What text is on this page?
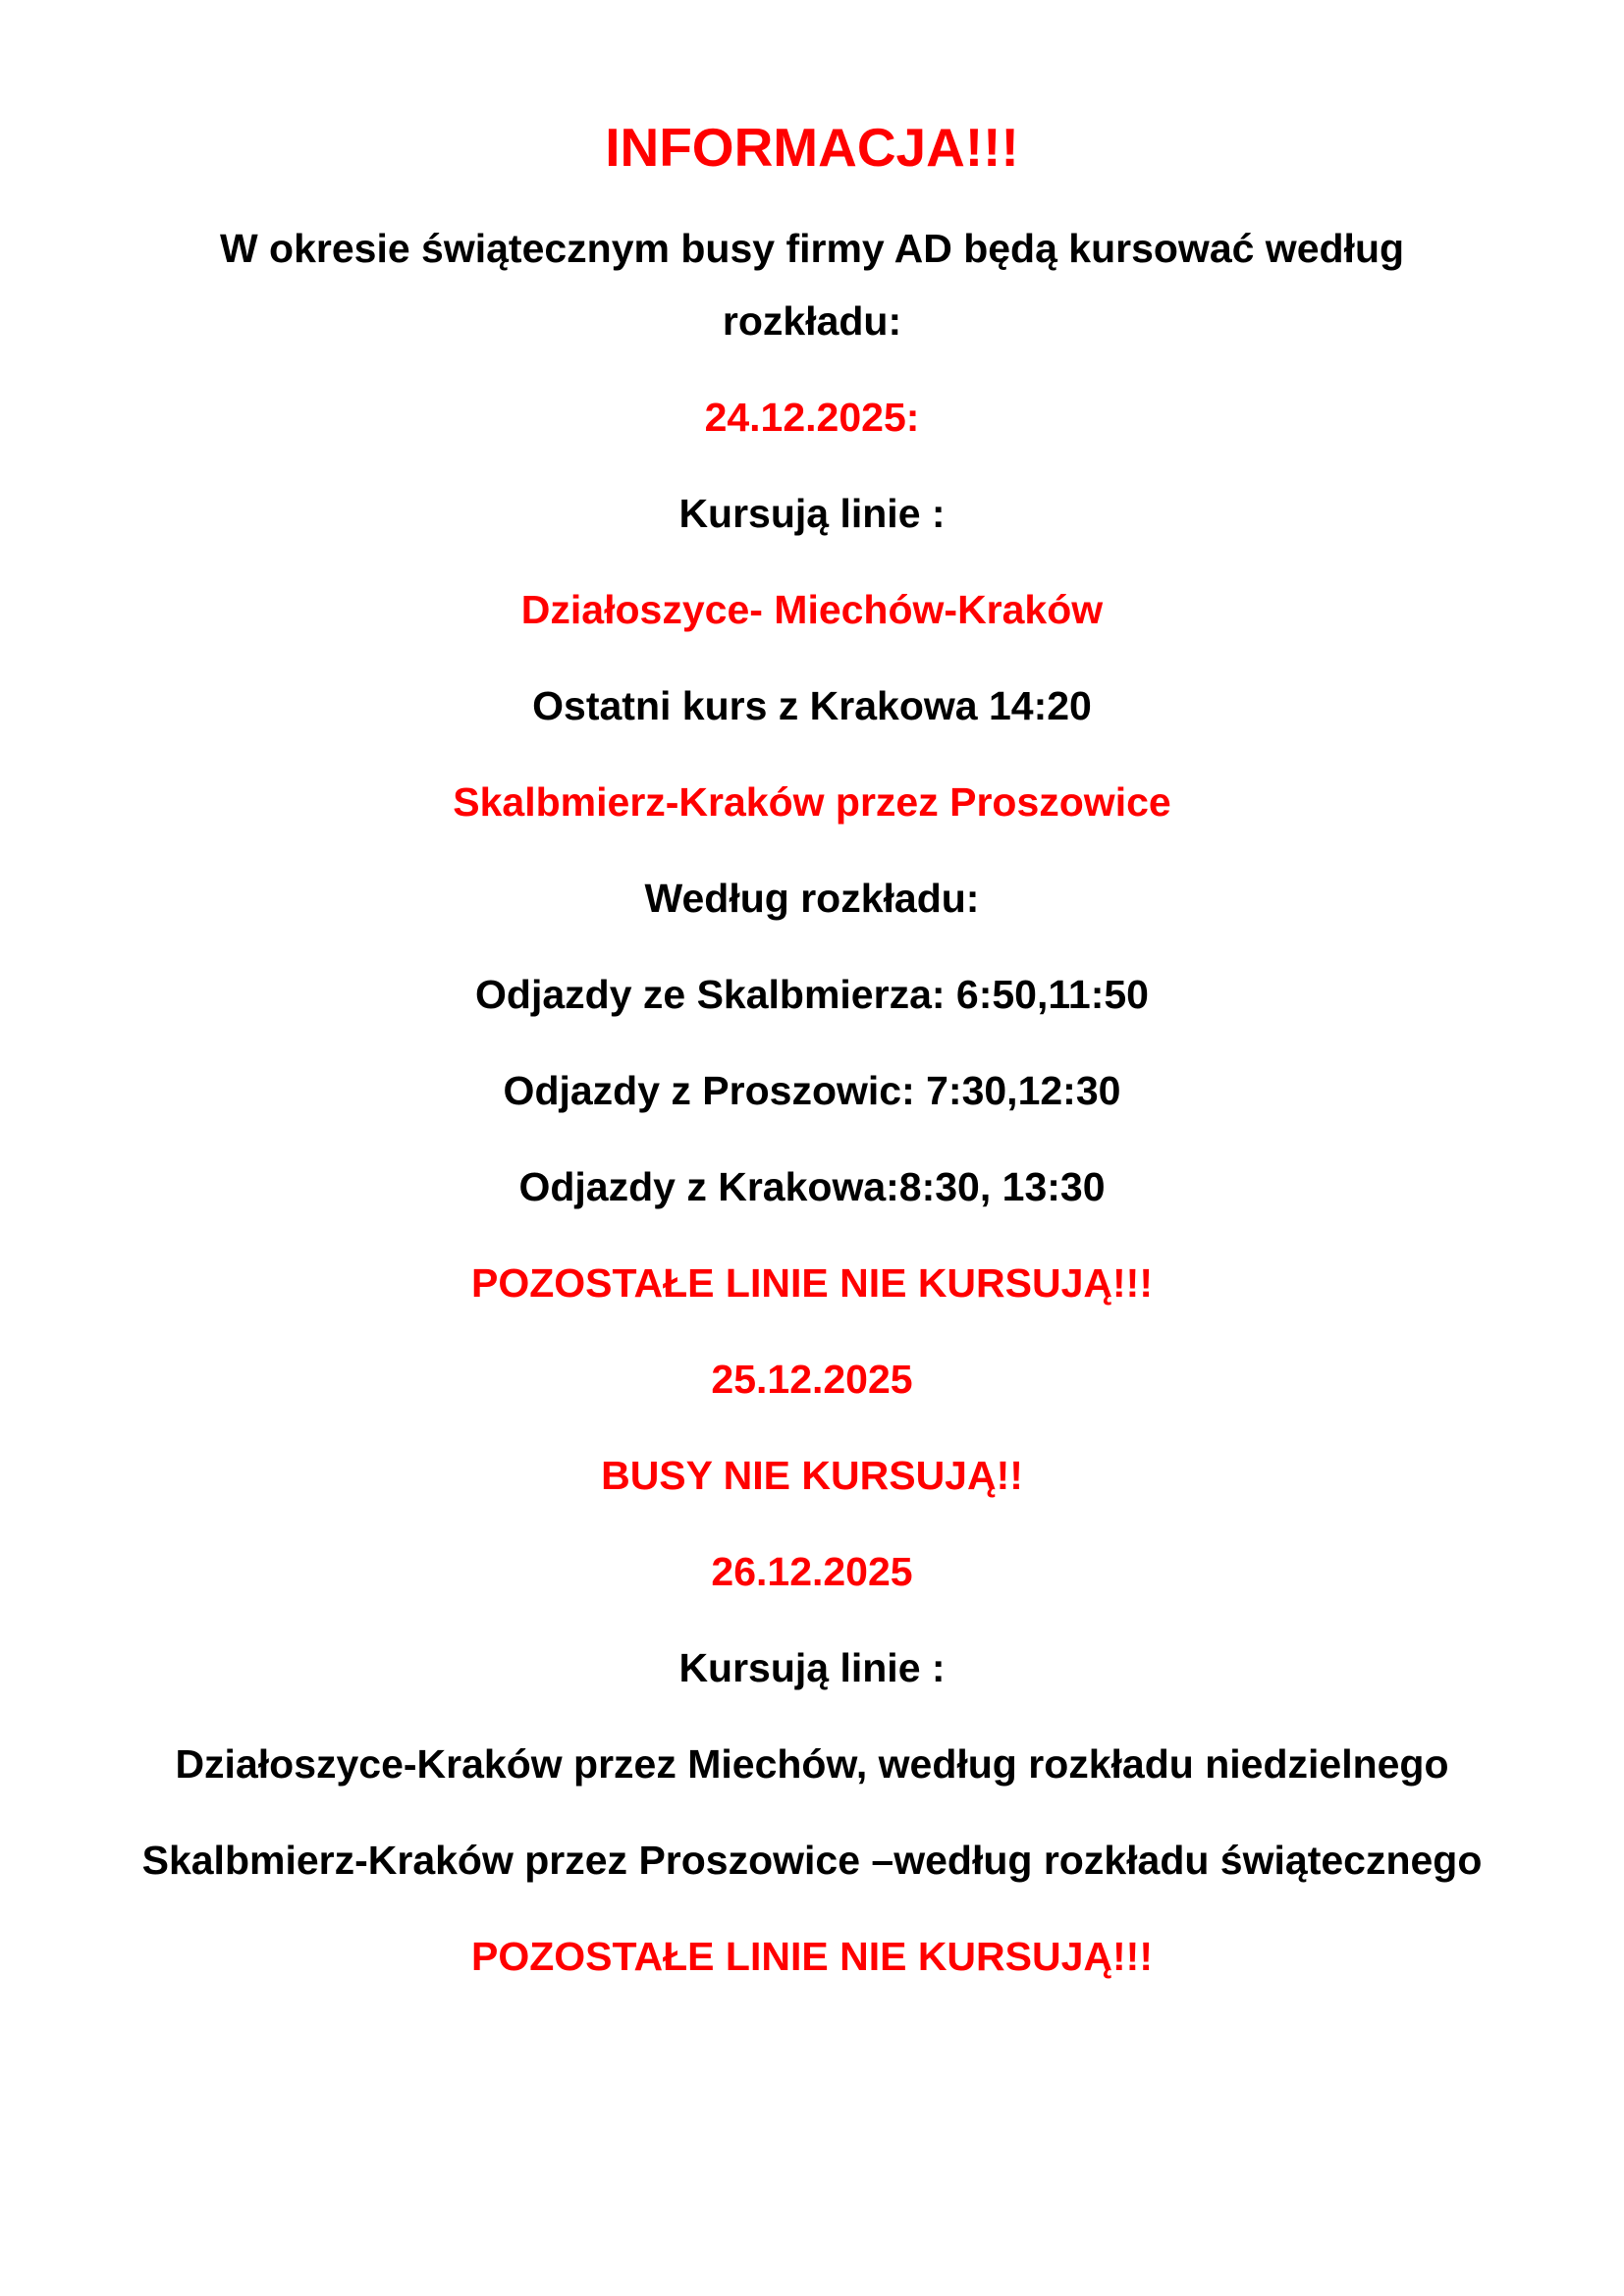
INFORMACJA!!!

W okresie świątecznym busy firmy AD będą kursować według

rozkładu:

24.12.2025:

Kursują linie :

Działoszyce- Miechów-Kraków

Ostatni kurs z Krakowa 14:20

Skalbmierz-Kraków przez Proszowice

Według rozkładu:

Odjazdy ze Skalbmierza: 6:50,11:50

Odjazdy z Proszowic: 7:30,12:30

Odjazdy z Krakowa:8:30, 13:30

POZOSTAŁE LINIE NIE KURSUJĄ!!!

25.12.2025

BUSY NIE KURSUJĄ!!

26.12.2025

Kursują linie :

Działoszyce-Kraków przez Miechów, według rozkładu niedzielnego

Skalbmierz-Kraków przez Proszowice –według rozkładu świątecznego

POZOSTAŁE LINIE NIE KURSUJĄ!!!
